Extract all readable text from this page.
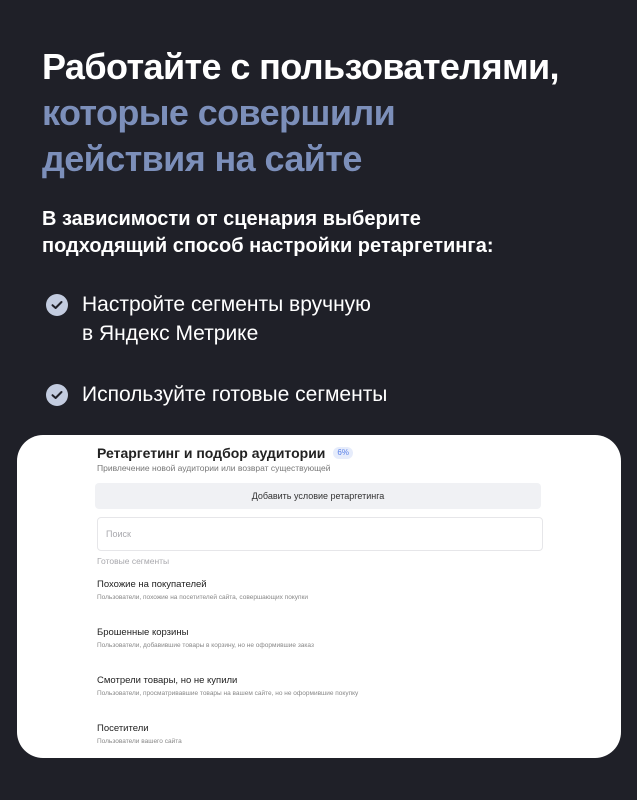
Работайте с пользователями,
которые совершили
действия на сайте

В зависимости от сценария выберите
подходящий способ настройки ретаргетинга:

Настройте сегменты вручную
в Яндекс Метрике
Используйте готовые сегменты
Ретаргетинг и подбор аудитории	6%
Привлечение новой аудитории или возврат существующей
Добавить условие ретаргетинга
Поиск
Готовые сегменты
Похожие на покупателей
Пользователи, похожие на посетителей сайта, совершающих покупки
Брошенные корзины
Пользователи, добавившие товары в корзину, но не оформившие заказ
Смотрели товары, но не купили
Пользователи, просматривавшие товары на вашем сайте, но не оформившие покупку
Посетители
Пользователи вашего сайта
